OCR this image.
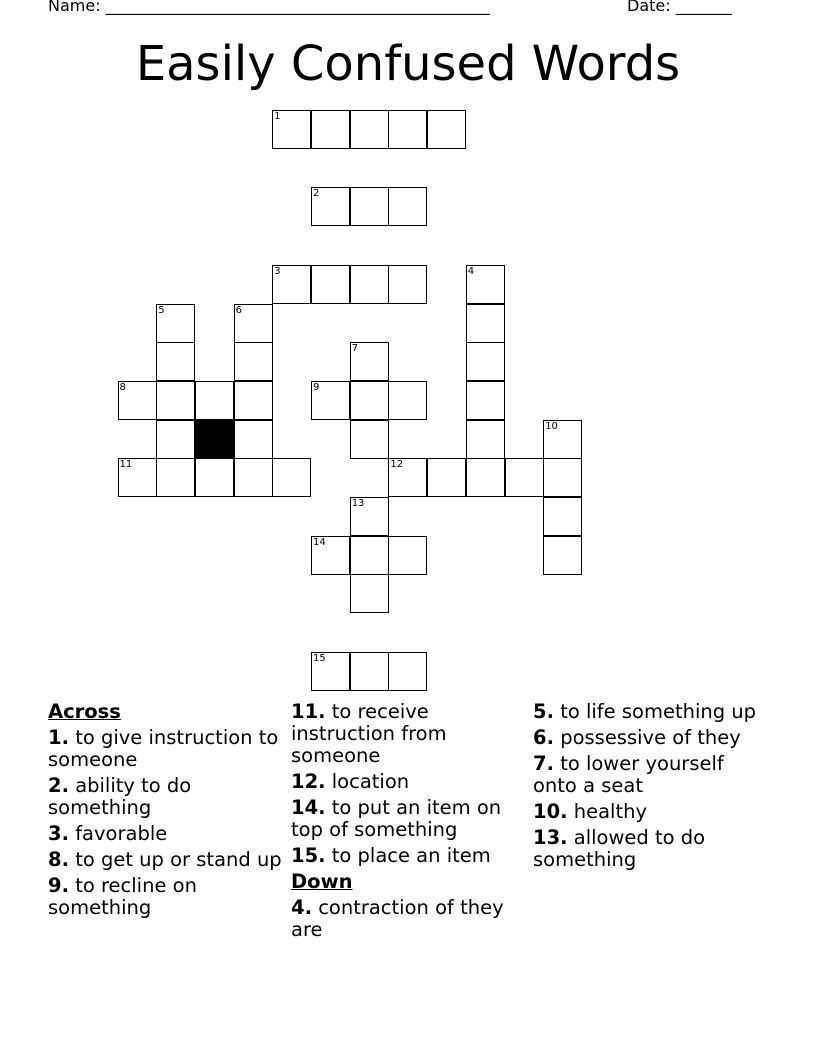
Name: ________________________________________________	Date: _______
Easily Confused Words
1
2
3	4
5	6
7
8	9
10
11	12
13
14
15
Across
1. to give instruction to someone
2. ability to do something
3. favorable
8. to get up or stand up
9. to recline on something
11. to receive instruction from someone
12. location
14. to put an item on top of something
15. to place an item
Down
4. contraction of they are
5. to life something up
6. possessive of they
7. to lower yourself onto a seat
10. healthy
13. allowed to do something
